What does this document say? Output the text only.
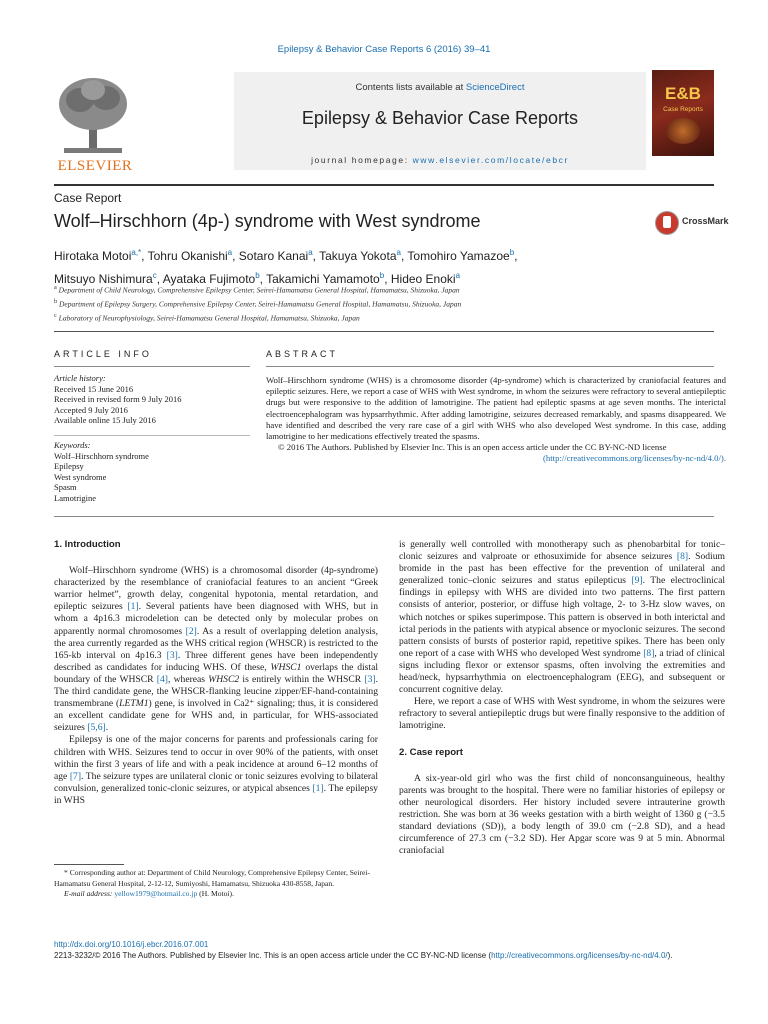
Epilepsy & Behavior Case Reports 6 (2016) 39–41
ELSEVIER
Contents lists available at ScienceDirect
Epilepsy & Behavior Case Reports
journal homepage: www.elsevier.com/locate/ebcr
E&B
Case Reports
Case Report
Wolf–Hirschhorn (4p-) syndrome with West syndrome	CrossMark
Hirotaka Motoi$^{a,*}$, Tohru Okanishi$^a$, Sotaro Kanai$^a$, Takuya Yokota$^a$, Tomohiro Yamazoe$^b$,
Mitsuyo Nishimura$^c$, Ayataka Fujimoto$^b$, Takamichi Yamamoto$^b$, Hideo Enoki$^a$
$^a$ Department of Child Neurology, Comprehensive Epilepsy Center, Seirei-Hamamatsu General Hospital, Hamamatsu, Shizuoka, Japan
$^b$ Department of Epilepsy Surgery, Comprehensive Epilepsy Center, Seirei-Hamamatsu General Hospital, Hamamatsu, Shizuoka, Japan
$^c$ Laboratory of Neurophysiology, Seirei-Hamamatsu General Hospital, Hamamatsu, Shizuoka, Japan
ARTICLE INFO	ABSTRACT
Article history:
Received 15 June 2016
Received in revised form 9 July 2016
Accepted 9 July 2016
Available online 15 July 2016
Keywords:
Wolf–Hirschhorn syndrome
Epilepsy
West syndrome
Spasm
Lamotrigine

Wolf–Hirschhorn syndrome (WHS) is a chromosome disorder (4p-syndrome) which is characterized by craniofacial features and epileptic seizures. Here, we report a case of WHS with West syndrome, in whom the seizures were refractory to several antiepileptic drugs but were responsive to the addition of lamotrigine. The patient had epileptic spasms at age seven months. The interictal electroencephalogram was hypsarrhythmic. After adding lamotrigine, seizures decreased remarkably, and spasms disappeared. We have identified and described the very rare case of a girl with WHS who also developed West syndrome. In this case, adding lamotrigine to her medications effectively treated the spasms.

© 2016 The Authors. Published by Elsevier Inc. This is an open access article under the CC BY-NC-ND license

(http://creativecommons.org/licenses/by-nc-nd/4.0/).

1. Introduction

Wolf–Hirschhorn syndrome (WHS) is a chromosomal disorder (4p-syndrome) characterized by the resemblance of craniofacial features to an ancient “Greek warrior helmet”, growth delay, congenital hypotonia, mental retardation, and epileptic seizures [1]. Several patients have been diagnosed with WHS, but in whom a 4p16.3 microdeletion can be detected only by molecular probes on apparently normal chromosomes [2]. As a result of overlapping deletion analysis, the area currently regarded as the WHS critical region (WHSCR) is restricted to the 165-kb interval on 4p16.3 [3]. Three different genes have been independently described as candidates for inducing WHS. Of these, WHSC1 overlaps the distal boundary of the WHSCR [4], whereas WHSC2 is entirely within the WHSCR [3]. The third candidate gene, the WHSCR-flanking leucine zipper/EF-hand-containing transmembrane (LETM1) gene, is involved in Ca2⁺ signaling; thus, it is considered an excellent candidate gene for WHS and, in particular, for WHS-associated seizures [5,6].

Epilepsy is one of the major concerns for parents and professionals caring for children with WHS. Seizures tend to occur in over 90% of the patients, with onset within the first 3 years of life and with a peak incidence at around 6–12 months of age [7]. The seizure types are unilateral clonic or tonic seizures evolving to bilateral convulsion, generalized tonic-clonic seizures, or atypical absences [1]. The epilepsy in WHS

is generally well controlled with monotherapy such as phenobarbital for tonic–clonic seizures and valproate or ethosuximide for absence seizures [8]. Sodium bromide in the past has been effective for the prevention of unilateral and generalized tonic–clonic seizures and status epilepticus [9]. The electroclinical findings in epilepsy with WHS are divided into two patterns. The first pattern consists of anterior, posterior, or diffuse high voltage, 2- to 3-Hz slow waves, on which notches or spikes superimpose. This pattern is observed in both interictal and ictal periods in the patients with atypical absence or myoclonic seizures. The second pattern consists of bursts of posterior rapid, repetitive spikes. There has been only one report of a case with WHS who developed West syndrome [8], a triad of clinical signs including flexor or extensor spasms, often involving the extremities and head/neck, hypsarrhythmia on electroencephalogram (EEG), and subsequent or concurrent cognitive delay.

Here, we report a case of WHS with West syndrome, in whom the seizures were refractory to several antiepileptic drugs but were finally responsive to the addition of lamotrigine.

2. Case report

A six-year-old girl who was the first child of nonconsanguineous, healthy parents was brought to the hospital. There were no familiar histories of epilepsy or other neurological disorders. Her history included severe intrauterine growth restriction. She was born at 36 weeks gestation with a birth weight of 1360 g (−3.5 standard deviations (SD)), a body length of 39.0 cm (−2.8 SD), and a head circumference of 27.3 cm (−3.2 SD). Her Apgar score was 9 at 5 min. Abnormal craniofacial

* Corresponding author at: Department of Child Neurology, Comprehensive Epilepsy Center, Seirei-Hamamatsu General Hospital, 2-12-12, Sumiyoshi, Hamamatsu, Shizuoka 430-8558, Japan.
E-mail address: yellow1979@hotmail.co.jp (H. Motoi).
http://dx.doi.org/10.1016/j.ebcr.2016.07.001
2213-3232/© 2016 The Authors. Published by Elsevier Inc. This is an open access article under the CC BY-NC-ND license (http://creativecommons.org/licenses/by-nc-nd/4.0/).
